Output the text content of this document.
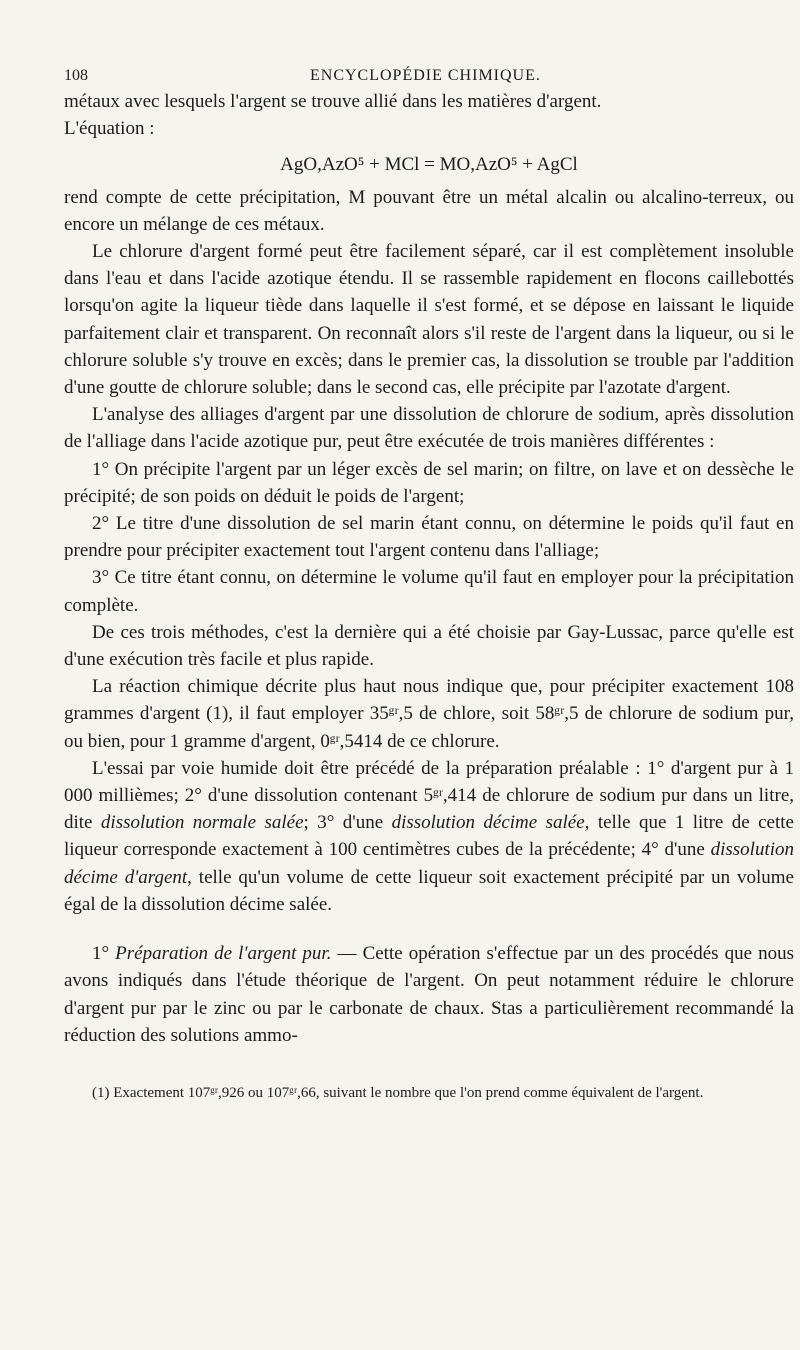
108	ENCYCLOPÉDIE CHIMIQUE.

métaux avec lesquels l'argent se trouve allié dans les matières d'argent.

L'équation :

AgO,AzO⁵ + MCl = MO,AzO⁵ + AgCl

rend compte de cette précipitation, M pouvant être un métal alcalin ou alcalino-terreux, ou encore un mélange de ces métaux.

Le chlorure d'argent formé peut être facilement séparé, car il est complètement insoluble dans l'eau et dans l'acide azotique étendu. Il se rassemble rapidement en flocons caillebottés lorsqu'on agite la liqueur tiède dans laquelle il s'est formé, et se dépose en laissant le liquide parfaitement clair et transparent. On reconnaît alors s'il reste de l'argent dans la liqueur, ou si le chlorure soluble s'y trouve en excès; dans le premier cas, la dissolution se trouble par l'addition d'une goutte de chlorure soluble; dans le second cas, elle précipite par l'azotate d'argent.

L'analyse des alliages d'argent par une dissolution de chlorure de sodium, après dissolution de l'alliage dans l'acide azotique pur, peut être exécutée de trois manières différentes :

1° On précipite l'argent par un léger excès de sel marin; on filtre, on lave et on dessèche le précipité; de son poids on déduit le poids de l'argent;

2° Le titre d'une dissolution de sel marin étant connu, on détermine le poids qu'il faut en prendre pour précipiter exactement tout l'argent contenu dans l'alliage;

3° Ce titre étant connu, on détermine le volume qu'il faut en employer pour la précipitation complète.

De ces trois méthodes, c'est la dernière qui a été choisie par Gay-Lussac, parce qu'elle est d'une exécution très facile et plus rapide.

La réaction chimique décrite plus haut nous indique que, pour précipiter exactement 108 grammes d'argent (1), il faut employer 35ᵍʳ,5 de chlore, soit 58ᵍʳ,5 de chlorure de sodium pur, ou bien, pour 1 gramme d'argent, 0ᵍʳ,5414 de ce chlorure.

L'essai par voie humide doit être précédé de la préparation préalable : 1° d'argent pur à 1 000 millièmes; 2° d'une dissolution contenant 5ᵍʳ,414 de chlorure de sodium pur dans un litre, dite dissolution normale salée; 3° d'une dissolution décime salée, telle que 1 litre de cette liqueur corresponde exactement à 100 centimètres cubes de la précédente; 4° d'une dissolution décime d'argent, telle qu'un volume de cette liqueur soit exactement précipité par un volume égal de la dissolution décime salée.

1° Préparation de l'argent pur. — Cette opération s'effectue par un des procédés que nous avons indiqués dans l'étude théorique de l'argent. On peut notamment réduire le chlorure d'argent pur par le zinc ou par le carbonate de chaux. Stas a particulièrement recommandé la réduction des solutions ammo-

(1) Exactement 107ᵍʳ,926 ou 107ᵍʳ,66, suivant le nombre que l'on prend comme équivalent de l'argent.
